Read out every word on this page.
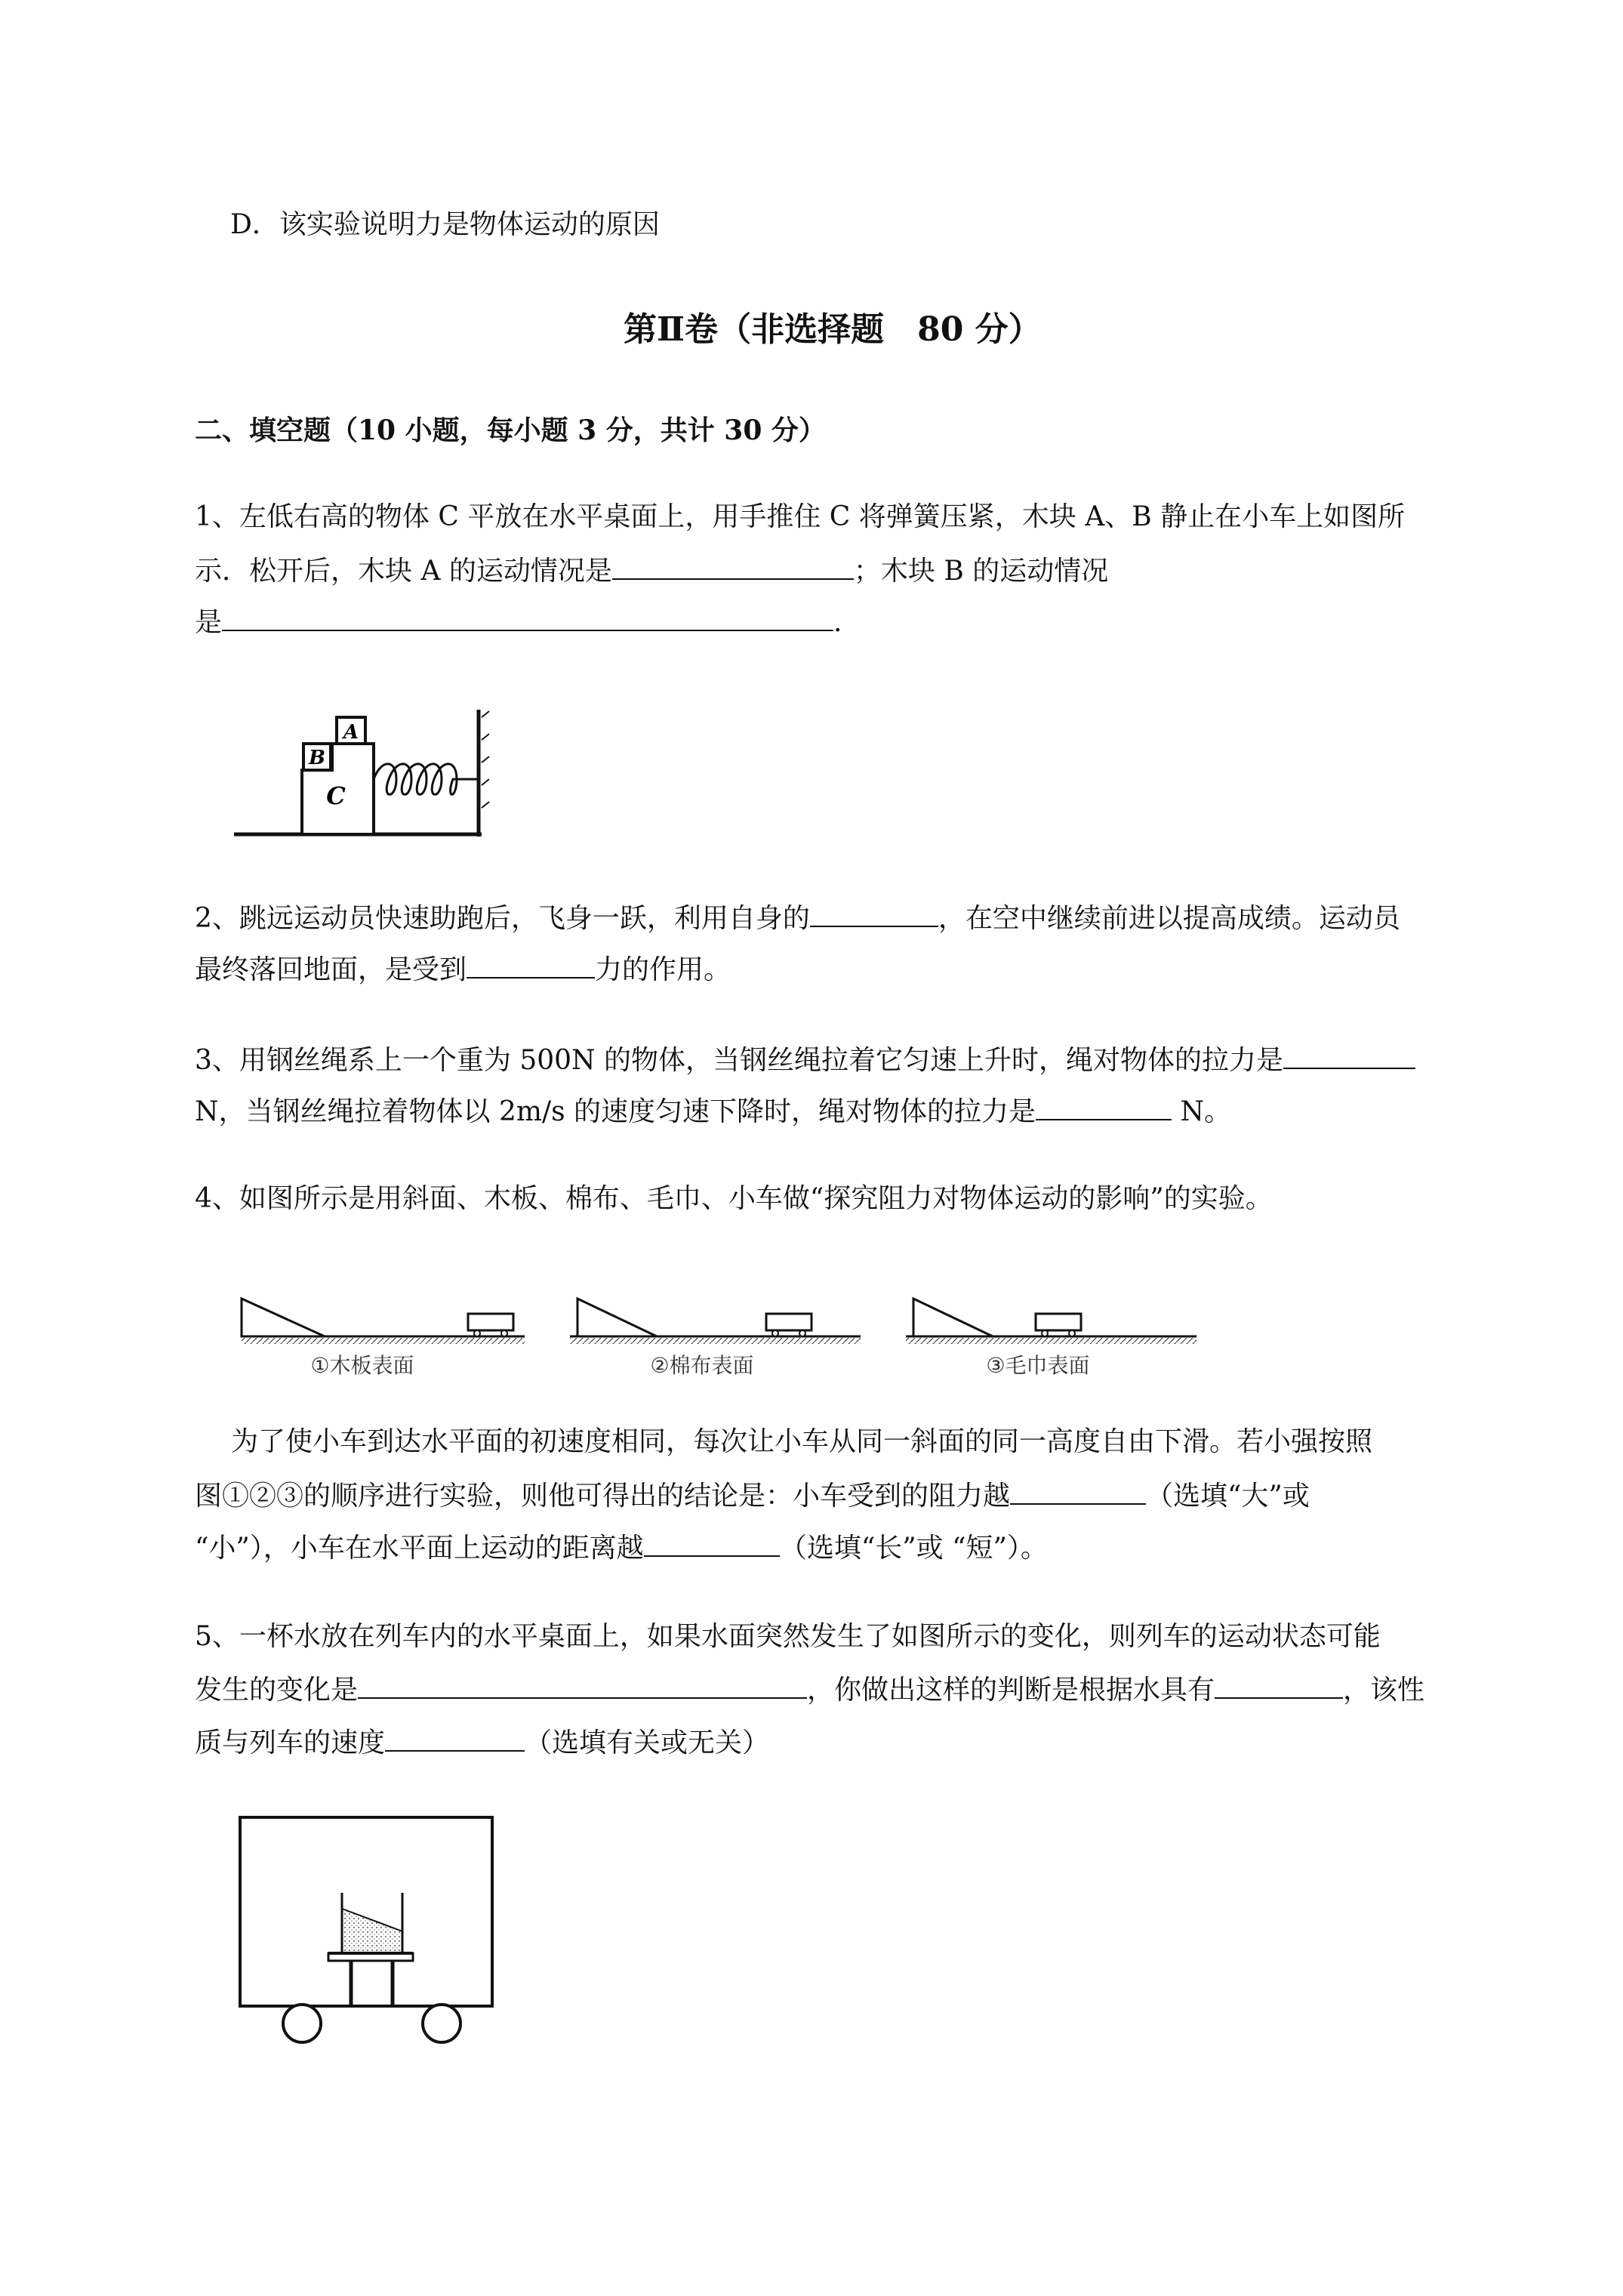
D．该实验说明力是物体运动的原因
第Ⅱ卷（非选择题　80 分）
二、填空题（10 小题，每小题 3 分，共计 30 分）
1、左低右高的物体 C 平放在水平桌面上，用手推住 C 将弹簧压紧，木块 A、B 静止在小车上如图所
示．松开后，木块 A 的运动情况是	；木块 B 的运动情况
是	.
B
A
C
2、跳远运动员快速助跑后，飞身一跃，利用自身的	，在空中继续前进以提高成绩。运动员
最终落回地面，是受到	力的作用。
3、用钢丝绳系上一个重为 500N 的物体，当钢丝绳拉着它匀速上升时，绳对物体的拉力是
N，当钢丝绳拉着物体以 2m/s 的速度匀速下降时，绳对物体的拉力是	N。
4、如图所示是用斜面、木板、棉布、毛巾、小车做“探究阻力对物体运动的影响”的实验。
①木板表面	②棉布表面	③毛巾表面
为了使小车到达水平面的初速度相同，每次让小车从同一斜面的同一高度自由下滑。若小强按照
图①②③的顺序进行实验，则他可得出的结论是：小车受到的阻力越	（选填“大”或
“小”），小车在水平面上运动的距离越	（选填“长”或 “短”）。
5、一杯水放在列车内的水平桌面上，如果水面突然发生了如图所示的变化，则列车的运动状态可能
发生的变化是	，你做出这样的判断是根据水具有	，该性
质与列车的速度	（选填有关或无关）
